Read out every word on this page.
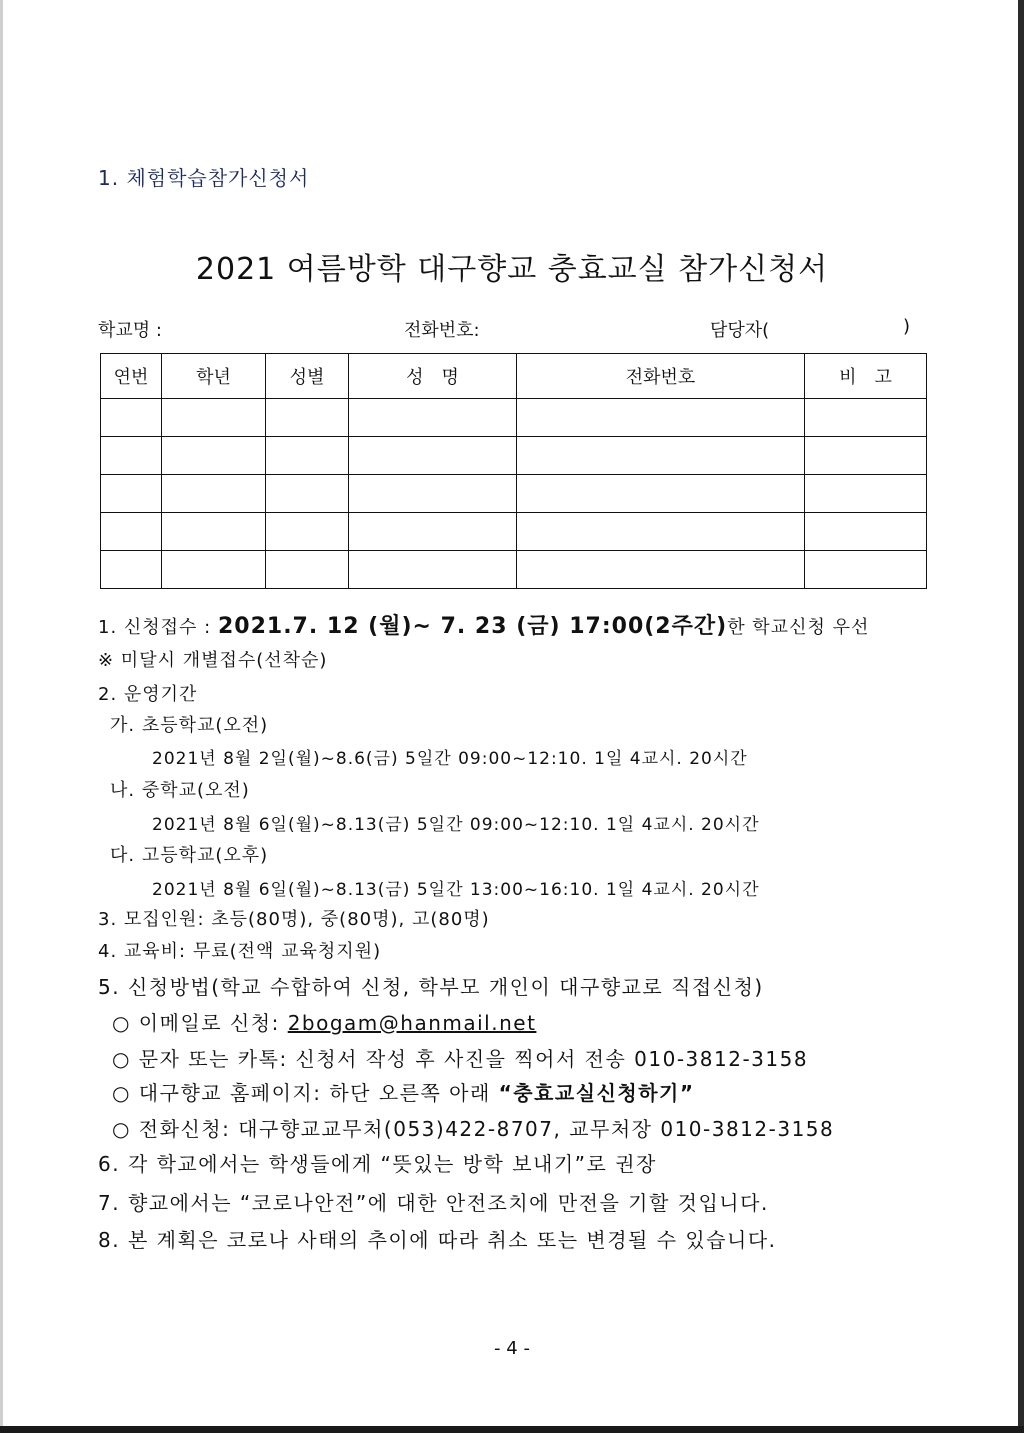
1. 체험학습참가신청서
2021 여름방학 대구향교 충효교실 참가신청서
학교명 :	전화번호:	담당자(	)
연번	학년	성별	성　명	전화번호	비　고

1. 신청접수 : 2021.7. 12 (월)~ 7. 23 (금) 17:00(2주간)한 학교신청 우선
※ 미달시 개별접수(선착순)
2. 운영기간
가. 초등학교(오전)
2021년 8월 2일(월)~8.6(금) 5일간 09:00~12:10. 1일 4교시. 20시간
나. 중학교(오전)
2021년 8월 6일(월)~8.13(금) 5일간 09:00~12:10. 1일 4교시. 20시간
다. 고등학교(오후)
2021년 8월 6일(월)~8.13(금) 5일간 13:00~16:10. 1일 4교시. 20시간
3. 모집인원: 초등(80명), 중(80명), 고(80명)
4. 교육비: 무료(전액 교육청지원)
5. 신청방법(학교 수합하여 신청, 학부모 개인이 대구향교로 직접신청)
○ 이메일로 신청: 2bogam@hanmail.net
○ 문자 또는 카톡: 신청서 작성 후 사진을 찍어서 전송 010-3812-3158
○ 대구향교 홈페이지: 하단 오른쪽 아래 “충효교실신청하기”
○ 전화신청: 대구향교교무처(053)422-8707, 교무처장 010-3812-3158
6. 각 학교에서는 학생들에게 “뜻있는 방학 보내기”로 권장
7. 향교에서는 “코로나안전”에 대한 안전조치에 만전을 기할 것입니다.
8. 본 계획은 코로나 사태의 추이에 따라 취소 또는 변경될 수 있습니다.
- 4 -
